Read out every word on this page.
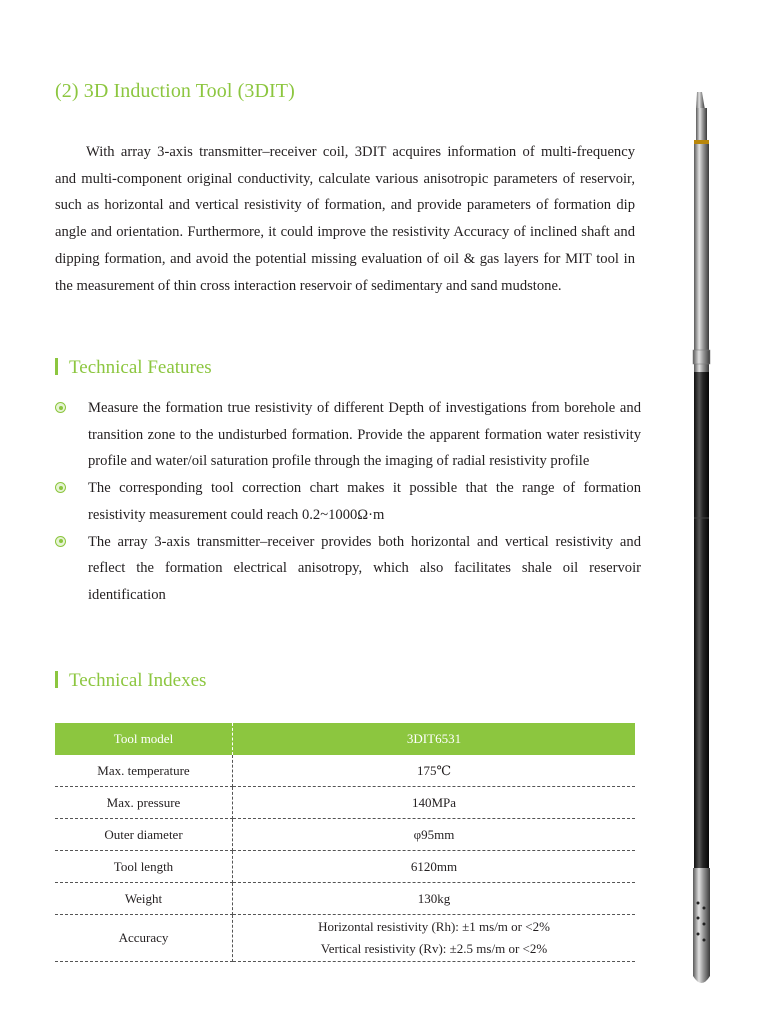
(2) 3D Induction Tool (3DIT)

With array 3-axis transmitter–receiver coil, 3DIT acquires information of multi-frequency and multi-component original conductivity, calculate various anisotropic parameters of reservoir, such as horizontal and vertical resistivity of formation, and provide parameters of formation dip angle and orientation. Furthermore, it could improve the resistivity Accuracy of inclined shaft and dipping formation, and avoid the potential missing evaluation of oil & gas layers for MIT tool in the measurement of thin cross interaction reservoir of sedimentary and sand mudstone.

Technical Features
Measure the formation true resistivity of different Depth of investigations from borehole and transition zone to the undisturbed formation. Provide the apparent formation water resistivity profile and water/oil saturation profile through the imaging of radial resistivity profile
The corresponding tool correction chart makes it possible that the range of formation resistivity measurement could reach 0.2~1000Ω·m
The array 3-axis transmitter–receiver provides both horizontal and vertical resistivity and reflect the formation electrical anisotropy, which also facilitates shale oil reservoir identification
Technical Indexes
Tool model	3DIT6531
Max. temperature	175℃
Max. pressure	140MPa
Outer diameter	φ95mm
Tool length	6120mm
Weight	130kg
Accuracy	Horizontal resistivity (Rh): ±1 ms/m or <2%
Vertical resistivity (Rv): ±2.5 ms/m or <2%
